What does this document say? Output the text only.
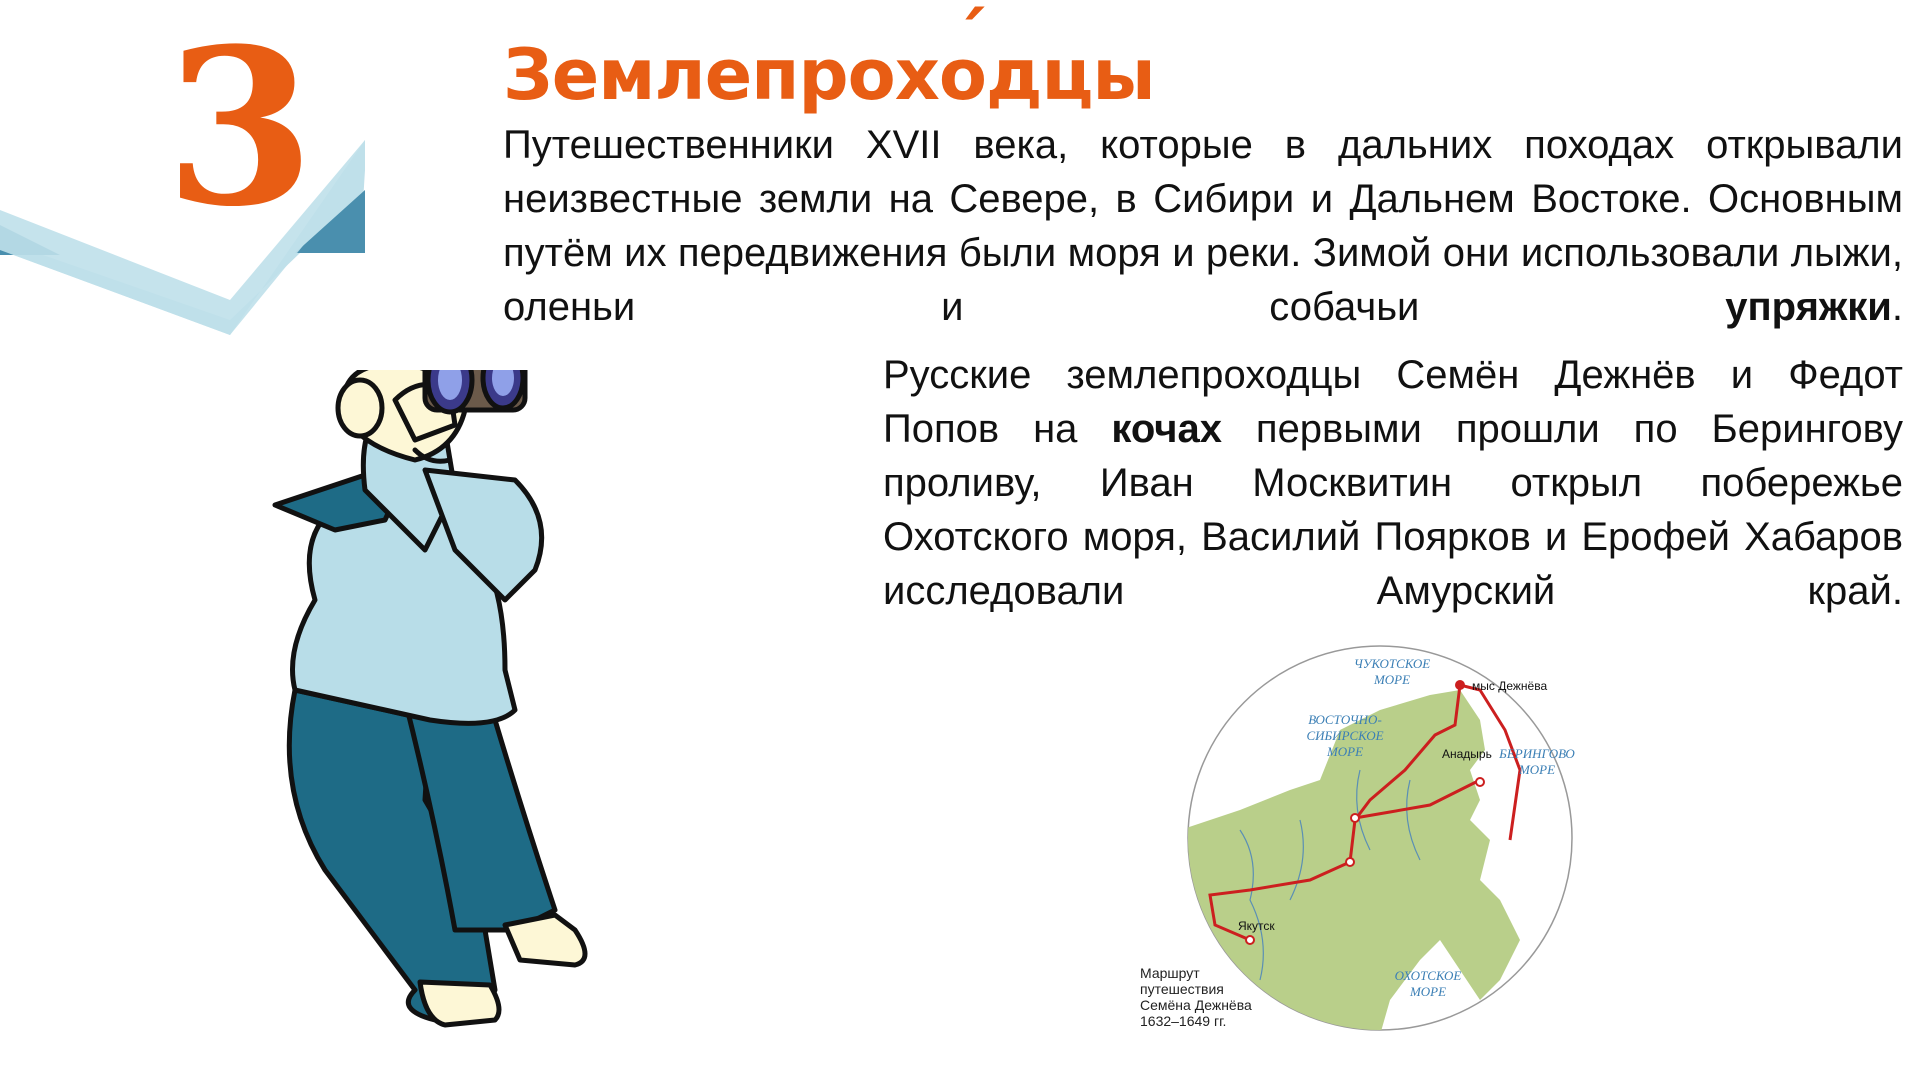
3	Землепрохо ´дцы
Путешественники XVII века, которые в дальних походах открывали неизвестные земли на Севере, в Сибири и Дальнем Востоке. Основным путём их передвижения были моря и реки. Зимой они использовали лыжи, оленьи и собачьи упряжки.
Русские землепроходцы Семён Дежнёв и Федот Попов на кочах первыми прошли по Берингову проливу, Иван Москвитин открыл побережье Охотского моря, Василий Поярков и Ерофей Хабаров исследовали Амурский край.
ЧУКОТСКОЕ
МОРЕ
ВОСТОЧНО-
СИБИРСКОЕ
МОРЕ	БЕРИНГОВО
МОРЕ
ОХОТСКОЕ
МОРЕ
мыс Дежнёва
Анадырь
Якутск
Маршрут
путешествия
Семёна Дежнёва
1632–1649 гг.
